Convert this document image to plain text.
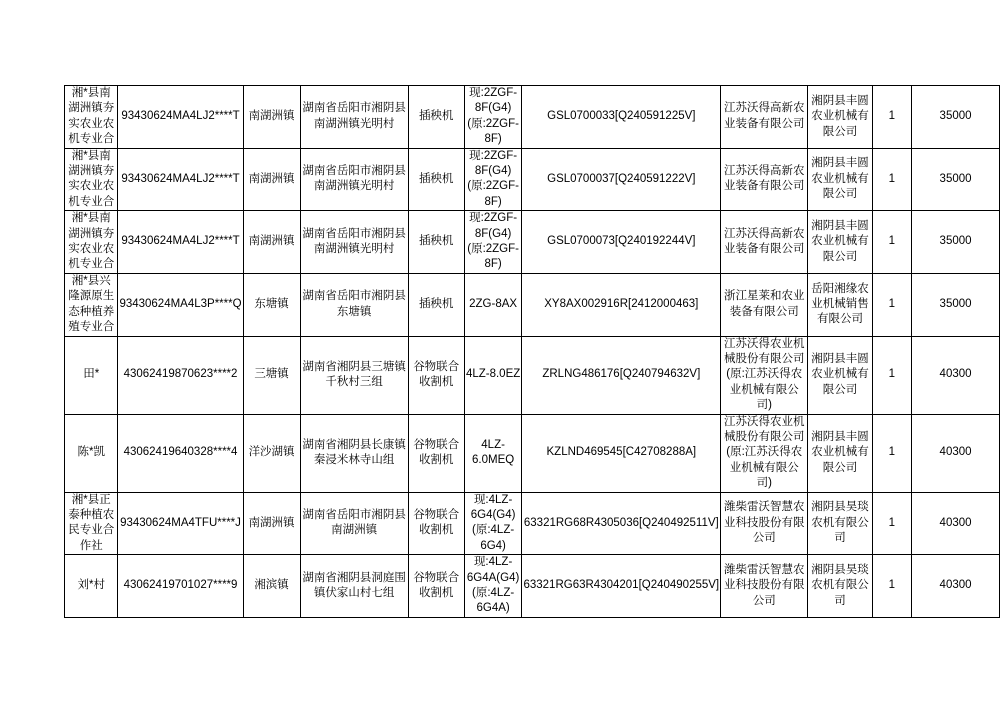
湘*县南湖洲镇夯实农业农机专业合	93430624MA4LJ2****T	南湖洲镇	湖南省岳阳市湘阴县南湖洲镇光明村	插秧机	现:2ZGF-8F(G4)(原:2ZGF-8F)	GSL0700033[Q240591225V]	江苏沃得高新农业装备有限公司	湘阴县丰圆农业机械有限公司	1	35000
湘*县南湖洲镇夯实农业农机专业合	93430624MA4LJ2****T	南湖洲镇	湖南省岳阳市湘阴县南湖洲镇光明村	插秧机	现:2ZGF-8F(G4)(原:2ZGF-8F)	GSL0700037[Q240591222V]	江苏沃得高新农业装备有限公司	湘阴县丰圆农业机械有限公司	1	35000
湘*县南湖洲镇夯实农业农机专业合	93430624MA4LJ2****T	南湖洲镇	湖南省岳阳市湘阴县南湖洲镇光明村	插秧机	现:2ZGF-8F(G4)(原:2ZGF-8F)	GSL0700073[Q240192244V]	江苏沃得高新农业装备有限公司	湘阴县丰圆农业机械有限公司	1	35000
湘*县兴隆源原生态种植养殖专业合	93430624MA4L3P****Q	东塘镇	湖南省岳阳市湘阴县东塘镇	插秧机	2ZG-8AX	XY8AX002916R[2412000463]	浙江星莱和农业装备有限公司	岳阳湘缘农业机械销售有限公司	1	35000
田*	43062419870623****2	三塘镇	湖南省湘阴县三塘镇千秋村三组	谷物联合收割机	4LZ-8.0EZ	ZRLNG486176[Q240794632V]	江苏沃得农业机械股份有限公司(原:江苏沃得农业机械有限公司)	湘阴县丰圆农业机械有限公司	1	40300
陈*凯	43062419640328****4	洋沙湖镇	湖南省湘阴县长康镇秦浸米林寺山组	谷物联合收割机	4LZ-6.0MEQ	KZLND469545[C42708288A]	江苏沃得农业机械股份有限公司(原:江苏沃得农业机械有限公司)	湘阴县丰圆农业机械有限公司	1	40300
湘*县正泰种植农民专业合作社	93430624MA4TFU****J	南湖洲镇	湖南省岳阳市湘阴县南湖洲镇	谷物联合收割机	现:4LZ-6G4(G4)(原:4LZ-6G4)	63321RG68R4305036[Q240492511V]	潍柴雷沃智慧农业科技股份有限公司	湘阴县昊琰农机有限公司	1	40300
刘*村	43062419701027****9	湘滨镇	湖南省湘阴县洞庭围镇伏家山村七组	谷物联合收割机	现:4LZ-6G4A(G4)(原:4LZ-6G4A)	63321RG63R4304201[Q240490255V]	潍柴雷沃智慧农业科技股份有限公司	湘阴县昊琰农机有限公司	1	40300
